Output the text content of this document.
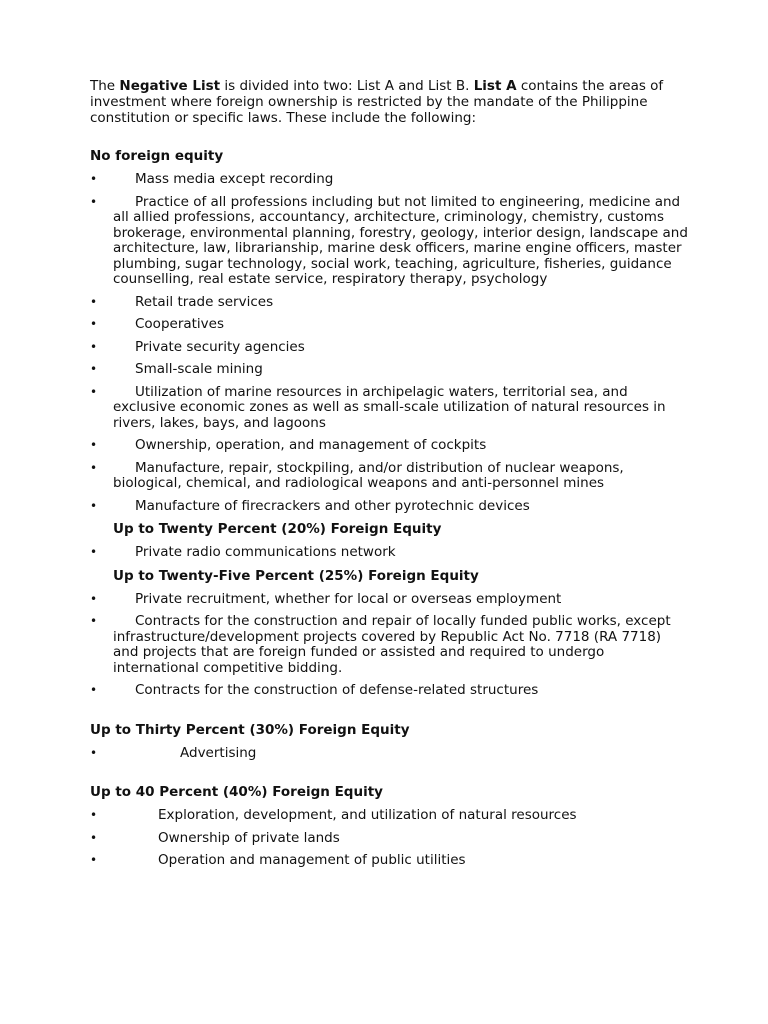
The Negative List is divided into two: List A and List B. List A contains the areas of investment where foreign ownership is restricted by the mandate of the Philippine constitution or specific laws. These include the following:

No foreign equity

•	Mass media except recording
•	Practice of all professions including but not limited to engineering, medicine and all allied professions, accountancy, architecture, criminology, chemistry, customs brokerage, environmental planning, forestry, geology, interior design, landscape and architecture, law, librarianship, marine desk officers, marine engine officers, master plumbing, sugar technology, social work, teaching, agriculture, fisheries, guidance counselling, real estate service, respiratory therapy, psychology
•	Retail trade services
•	Cooperatives
•	Private security agencies
•	Small-scale mining
•	Utilization of marine resources in archipelagic waters, territorial sea, and exclusive economic zones as well as small-scale utilization of natural resources in rivers, lakes, bays, and lagoons
•	Ownership, operation, and management of cockpits
•	Manufacture, repair, stockpiling, and/or distribution of nuclear weapons, biological, chemical, and radiological weapons and anti-personnel mines
•	Manufacture of firecrackers and other pyrotechnic devices

Up to Twenty Percent (20%) Foreign Equity

•	Private radio communications network

Up to Twenty-Five Percent (25%) Foreign Equity

•	Private recruitment, whether for local or overseas employment
•	Contracts for the construction and repair of locally funded public works, except infrastructure/development projects covered by Republic Act No. 7718 (RA 7718) and projects that are foreign funded or assisted and required to undergo international competitive bidding.
•	Contracts for the construction of defense-related structures

Up to Thirty Percent (30%) Foreign Equity

•	Advertising

Up to 40 Percent (40%) Foreign Equity

•	Exploration, development, and utilization of natural resources
•	Ownership of private lands
•	Operation and management of public utilities
